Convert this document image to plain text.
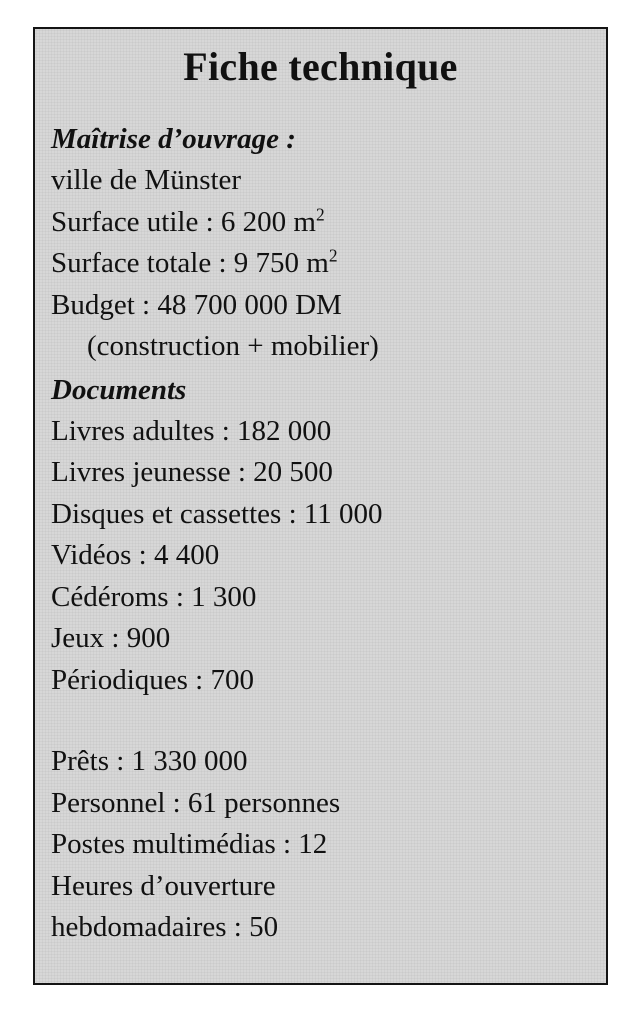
Fiche technique
Maîtrise d’ouvrage :
ville de Münster
Surface utile : 6 200 $m^2$
Surface totale : 9 750 $m^2$
Budget : 48 700 000 DM
(construction + mobilier)
Documents
Livres adultes : 182 000
Livres jeunesse : 20 500
Disques et cassettes : 11 000
Vidéos : 4 400
Cédéroms : 1 300
Jeux : 900
Périodiques : 700
Prêts : 1 330 000
Personnel : 61 personnes
Postes multimédias : 12
Heures d’ouverture
hebdomadaires : 50
